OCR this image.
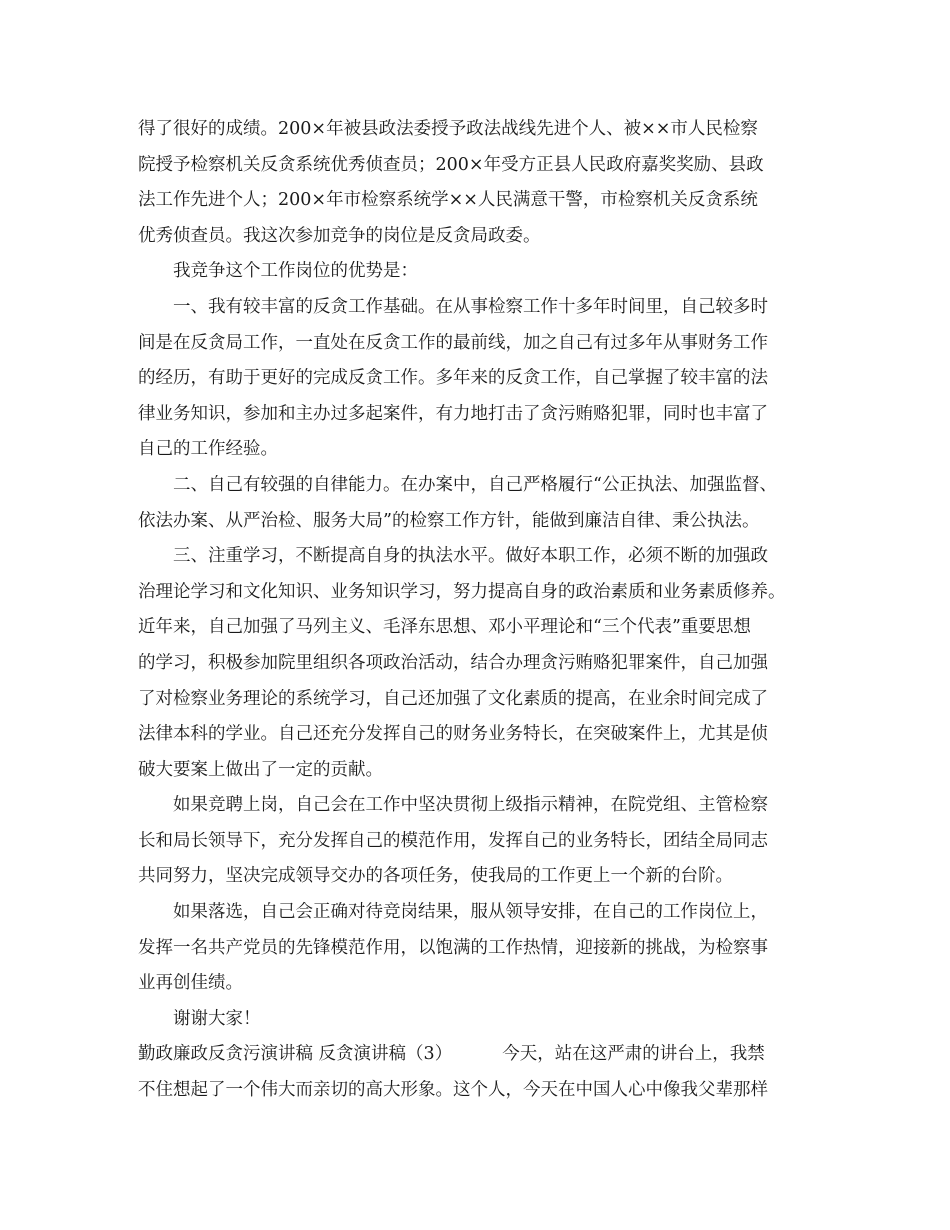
得了很好的成绩。200×年被县政法委授予政法战线先进个人、被××市人民检察
院授予检察机关反贪系统优秀侦查员；200×年受方正县人民政府嘉奖奖励、县政
法工作先进个人；200×年市检察系统学××人民满意干警，市检察机关反贪系统
优秀侦查员。我这次参加竞争的岗位是反贪局政委。
我竞争这个工作岗位的优势是：
一、我有较丰富的反贪工作基础。在从事检察工作十多年时间里，自己较多时
间是在反贪局工作，一直处在反贪工作的最前线，加之自己有过多年从事财务工作
的经历，有助于更好的完成反贪工作。多年来的反贪工作，自己掌握了较丰富的法
律业务知识，参加和主办过多起案件，有力地打击了贪污贿赂犯罪，同时也丰富了
自己的工作经验。
二、自己有较强的自律能力。在办案中，自己严格履行“公正执法、加强监督、
依法办案、从严治检、服务大局”的检察工作方针，能做到廉洁自律、秉公执法。
三、注重学习，不断提高自身的执法水平。做好本职工作，必须不断的加强政
治理论学习和文化知识、业务知识学习，努力提高自身的政治素质和业务素质修养。
近年来，自己加强了马列主义、毛泽东思想、邓小平理论和“三个代表”重要思想
的学习，积极参加院里组织各项政治活动，结合办理贪污贿赂犯罪案件，自己加强
了对检察业务理论的系统学习，自己还加强了文化素质的提高，在业余时间完成了
法律本科的学业。自己还充分发挥自己的财务业务特长，在突破案件上，尤其是侦
破大要案上做出了一定的贡献。
如果竞聘上岗，自己会在工作中坚决贯彻上级指示精神，在院党组、主管检察
长和局长领导下，充分发挥自己的模范作用，发挥自己的业务特长，团结全局同志
共同努力，坚决完成领导交办的各项任务，使我局的工作更上一个新的台阶。
如果落选，自己会正确对待竞岗结果，服从领导安排，在自己的工作岗位上，
发挥一名共产党员的先锋模范作用，以饱满的工作热情，迎接新的挑战，为检察事
业再创佳绩。
谢谢大家！
勤政廉政反贪污演讲稿 反贪演讲稿（3）	今天，站在这严肃的讲台上，我禁
不住想起了一个伟大而亲切的高大形象。这个人，今天在中国人心中像我父辈那样
